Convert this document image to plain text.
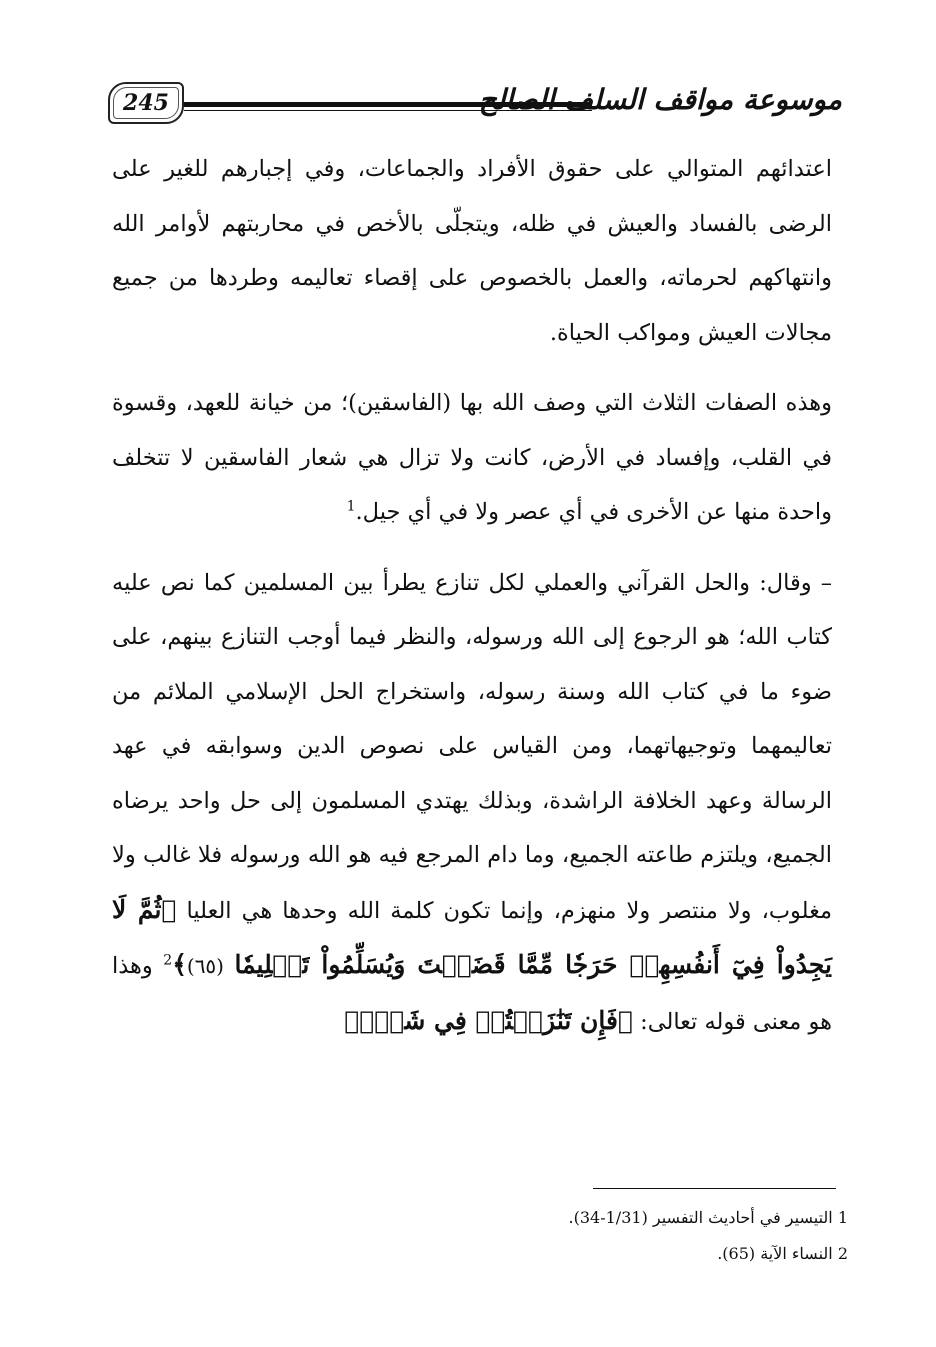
245	موسوعة مواقف السلف الصالح

اعتدائهم المتوالي على حقوق الأفراد والجماعات، وفي إجبارهم للغير على الرضى بالفساد والعيش في ظله، ويتجلّى بالأخص في محاربتهم لأوامر الله وانتهاكهم لحرماته، والعمل بالخصوص على إقصاء تعاليمه وطردها من جميع مجالات العيش ومواكب الحياة.

وهذه الصفات الثلاث التي وصف الله بها (الفاسقين)؛ من خيانة للعهد، وقسوة في القلب، وإفساد في الأرض، كانت ولا تزال هي شعار الفاسقين لا تتخلف واحدة منها عن الأخرى في أي عصر ولا في أي جيل.$^1$

– وقال: والحل القرآني والعملي لكل تنازع يطرأ بين المسلمين كما نص عليه كتاب الله؛ هو الرجوع إلى الله ورسوله، والنظر فيما أوجب التنازع بينهم، على ضوء ما في كتاب الله وسنة رسوله، واستخراج الحل الإسلامي الملائم من تعاليمهما وتوجيهاتهما، ومن القياس على نصوص الدين وسوابقه في عهد الرسالة وعهد الخلافة الراشدة، وبذلك يهتدي المسلمون إلى حل واحد يرضاه الجميع، ويلتزم طاعته الجميع، وما دام المرجع فيه هو الله ورسوله فلا غالب ولا مغلوب، ولا منتصر ولا منهزم، وإنما تكون كلمة الله وحدها هي العليا ﴿ثُمَّ لَا يَجِدُواْ فِيٓ أَنفُسِهِمۡ حَرَجٗا مِّمَّا قَضَيۡتَ وَيُسَلِّمُواْ تَسۡلِيمٗا (٦٥)﴾$^2$ وهذا هو معنى قوله تعالى: ﴿فَإِن تَنَٰزَعۡتُمۡ فِي شَيۡءٖ

1 التيسير في أحاديث التفسير (1/31-34).

2 النساء الآية (65).
